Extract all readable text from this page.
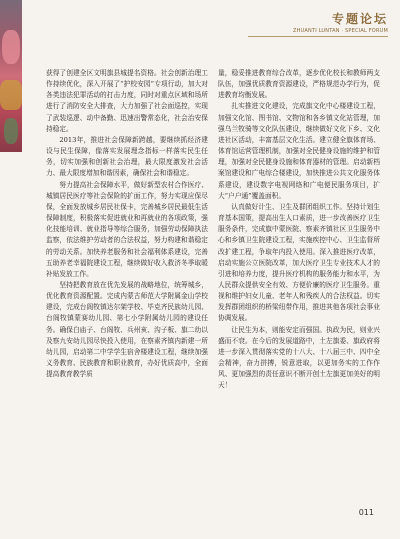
专题论坛
ZHUANTI LUNTAN · SPECIAL FORUM

获得了创建全区文明旗县城提名资格。社会创新治理工作持续优化，深入开展了“护校安园”专项行动，加大对各类违法犯罪活动的打击力度，同时对重点区域和场所进行了消防安全大排查，大力加强了社会面巡控，实现了武装巡逻、动中备勤、迅速出警常态化，社会治安保持稳定。

2013年，推进社会保障新跨越，要继续抓经济建设与民生保障，像落实发展理念指标一样落实民生任务，切实加强和创新社会治理，最大限度激发社会活力、最大限度增加和谐因素，确保社会和谐稳定。

努力提高社会保障水平，做好新型农村合作医疗、城镇居民医疗等社会保险的扩面工作，努力实现应保尽保，全面发放城乡居民社保卡，完善城乡居民最低生活保障制度，积极落实促进就业和再就业的各项政策，强化技能培训、就业指导等综合服务，加强劳动保障执法监察，依法维护劳动者的合法权益，努力构建和谐稳定的劳动关系。加快养老服务和社会福利体系建设，完善五助养老幸福院建设工程，继续做好收入救济冬季取暖补贴发放工作。

坚持把教育放在优先发展的战略地位，统筹城乡，优化教育资源配置。完成内蒙古师范大学附属金山学校建设，完成台阁牧镇达尔架学校、毕克齐民族幼儿园、台阁牧镇蒙赛幼儿园、第七小学附属幼儿园的建设任务。确保白庙子、台阁牧、兵州亥、沟子板、旗二幼以及察九安幼儿园尽快投入使用，在察素齐镇内新建一所幼儿园，启动第二中学学生宿舍楼建设工程，继续加强义务教育、民族教育和职业教育，办好优质高中，全面提高教育教学质

量，稳妥推进教育综合改革，逐步优化校长和教师两支队伍，加强优质教育资源建设，严格规范办学行为，促进教育均衡发展。

扎实推进文化建设，完成旗文化中心楼建设工程，加强文化馆、图书馆、文物馆和各乡镇文化站管理，加强乌兰牧骑等文化队伍建设，继续做好文化下乡、文化进社区活动，丰富基层文化生活。建立健全旗体育场、体育馆运营管理机制，加强对全民健身设施的维护和管理，加强对全民健身设施和体育器材的管理。启动新档案馆建设和广电综合楼建设，加快推进公共文化服务体系建设，建设数字电视网络和广电便民服务项目，扩大“户户通”覆盖面积。

认真做好计生、卫生及群团组织工作。坚持计划生育基本国策，提高出生人口素质，进一步改善医疗卫生服务条件，完成旗中蒙医院、察素齐镇社区卫生服务中心和乡镇卫生院建设工程，实施疾控中心、卫生监督所改扩建工程，争取年内投入使用。深入推进医疗改革，启动实施公立医院改革，加大医疗卫生专业技术人才的引进和培养力度，提升医疗机构的服务能力和水平，为人民群众提供安全有效、方便价廉的医疗卫生服务。重视和维护妇女儿童、老年人和残疾人的合法权益。切实发挥群团组织的桥梁纽带作用，推进其他各项社会事业协调发展。

让民生为本，则能安定而强国。执政为民，则业兴盛而不衰。在今后的发展道路中，土左旗委、旗政府将进一步深入贯彻落实党的十八大、十八届三中、四中全会精神，奋力拼搏，锐意进取，以更加务实的工作作风、更加强烈的责任意识不断开创土左旗更加美好的明天！

011
